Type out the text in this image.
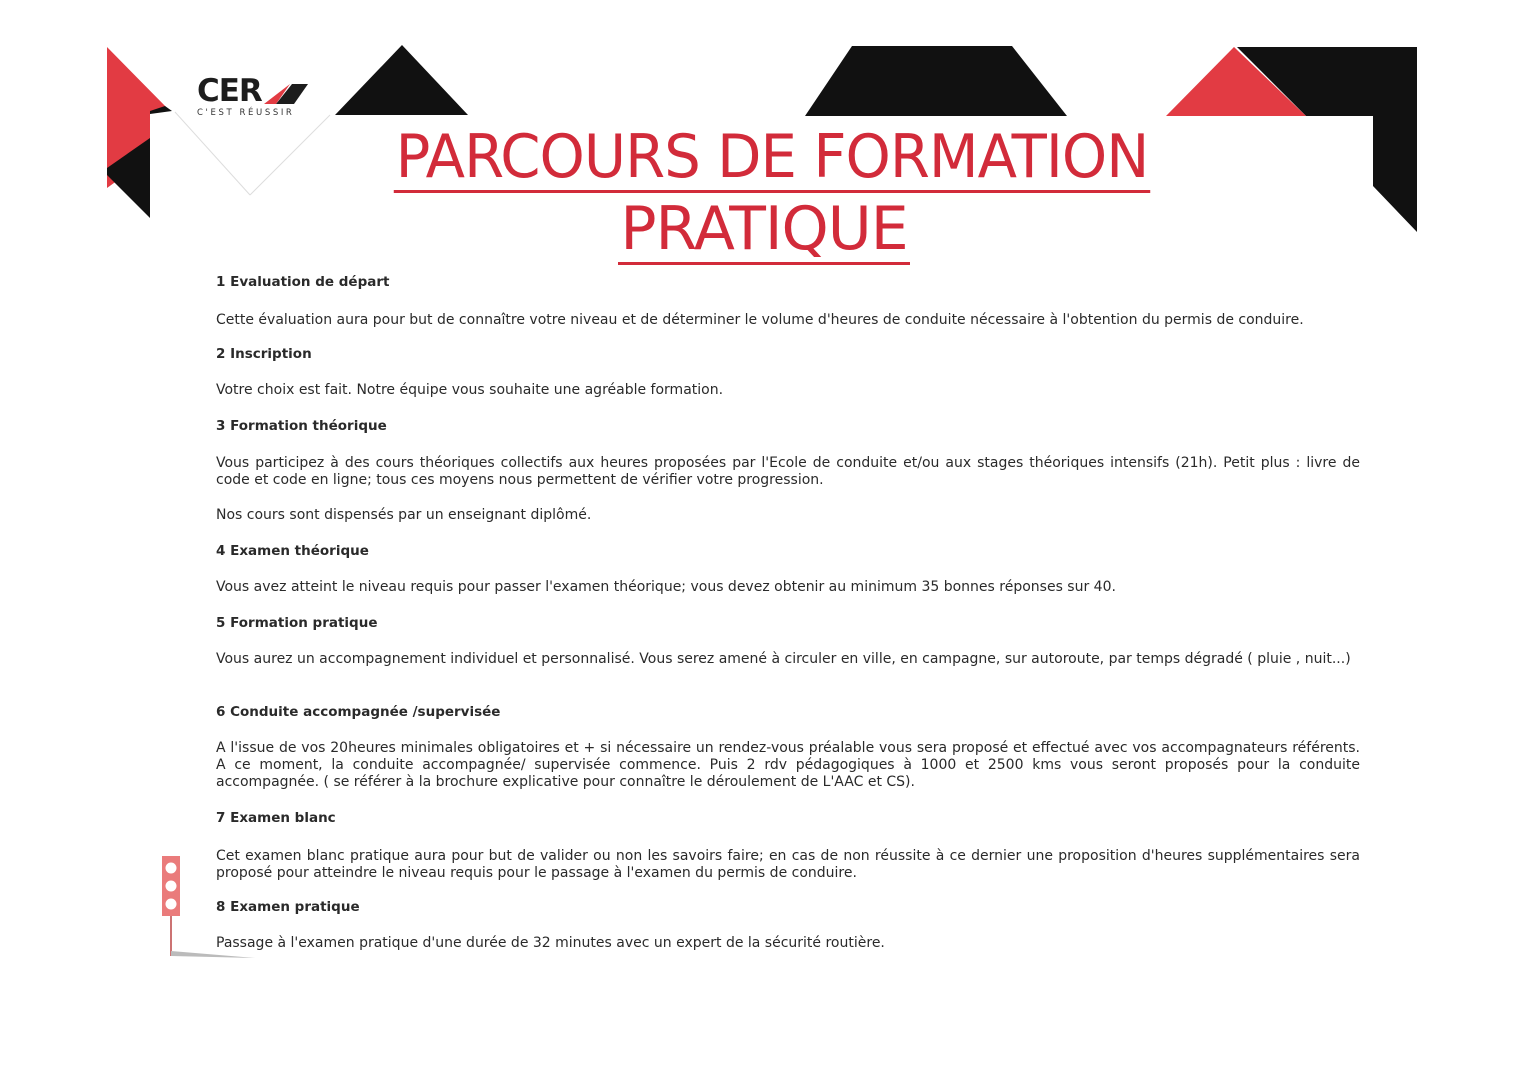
CER
C'EST RÉUSSIR
PARCOURS DE FORMATION
PRATIQUE

1 Evaluation de départ

Cette évaluation aura pour but de connaître votre niveau et de déterminer le volume d'heures de conduite nécessaire à l'obtention du permis de conduire.

2 Inscription

Votre choix est fait. Notre équipe vous souhaite une agréable formation.

3 Formation théorique

Vous participez à des cours théoriques collectifs aux heures proposées par l'Ecole de conduite et/ou aux stages théoriques intensifs (21h). Petit plus : livre de code et code en ligne; tous ces moyens nous permettent de vérifier votre progression.

Nos cours sont dispensés par un enseignant diplômé.

4 Examen théorique

Vous avez atteint le niveau requis pour passer l'examen théorique; vous devez obtenir au minimum 35 bonnes réponses sur 40.

5 Formation pratique

Vous aurez un accompagnement individuel et personnalisé. Vous serez amené à circuler en ville, en campagne, sur autoroute, par temps dégradé ( pluie , nuit...)

6 Conduite accompagnée /supervisée

A l'issue de vos 20heures minimales obligatoires et + si nécessaire un rendez-vous préalable vous sera proposé et effectué avec vos accompagnateurs référents. A ce moment, la conduite accompagnée/ supervisée commence. Puis 2 rdv pédagogiques à 1000 et 2500 kms vous seront proposés pour la conduite accompagnée. ( se référer à la brochure explicative pour connaître le déroulement de L'AAC et CS).

7 Examen blanc

Cet examen blanc pratique aura pour but de valider ou non les savoirs faire; en cas de non réussite à ce dernier une proposition d'heures supplémentaires sera proposé pour atteindre le niveau requis pour le passage à l'examen du permis de conduire.

8 Examen pratique

Passage à l'examen pratique d'une durée de 32 minutes avec un expert de la sécurité routière.
